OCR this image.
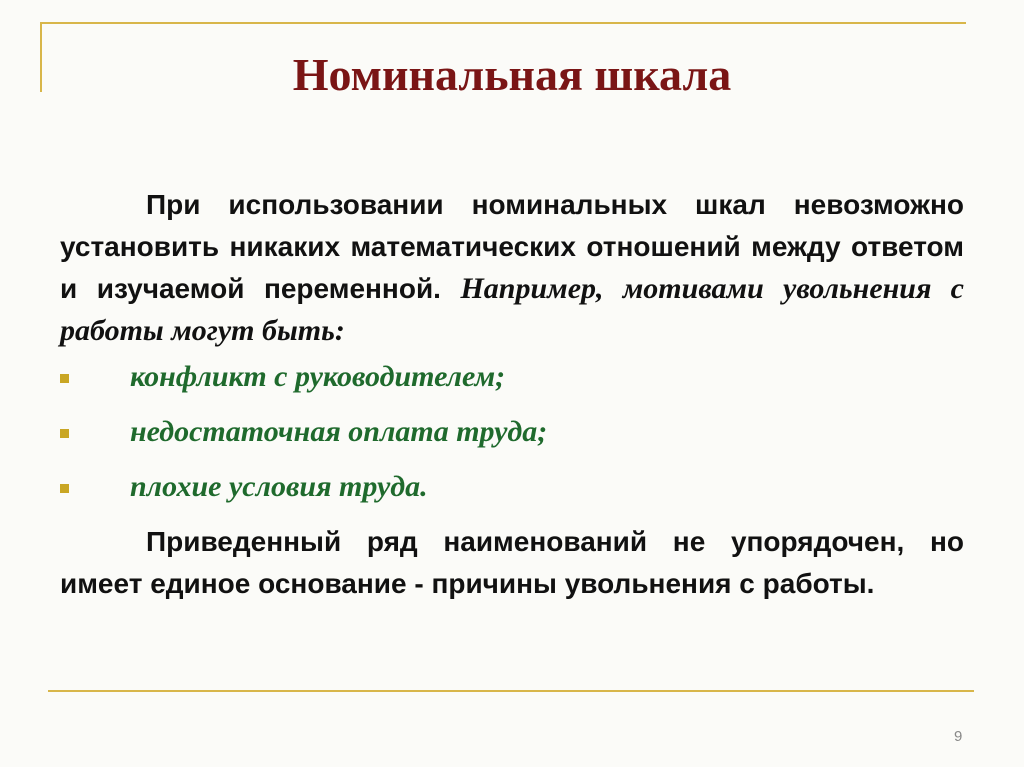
Номинальная шкала

При использовании номинальных шкал невозможно установить никаких математических отношений между ответом и изучаемой переменной. Например, мотивами увольнения с работы могут быть:

конфликт с руководителем;
недостаточная оплата труда;
плохие условия труда.

Приведенный ряд наименований не упорядочен, но имеет единое основание - причины увольнения с работы.

9
